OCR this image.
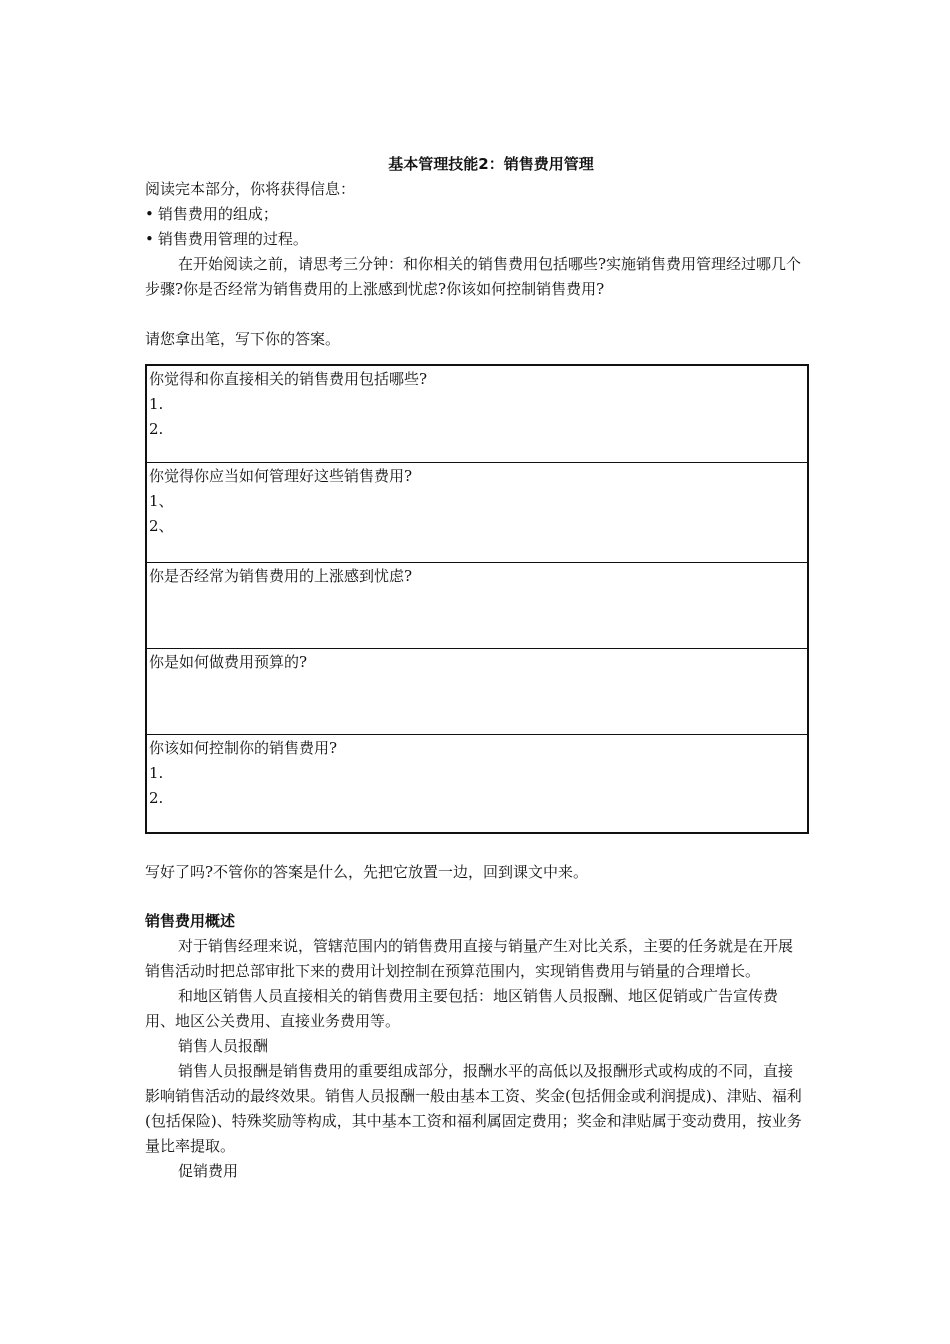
基本管理技能2：销售费用管理

阅读完本部分，你将获得信息：

• 销售费用的组成；

• 销售费用管理的过程。

在开始阅读之前，请思考三分钟：和你相关的销售费用包括哪些?实施销售费用管理经过哪几个步骤?你是否经常为销售费用的上涨感到忧虑?你该如何控制销售费用?

请您拿出笔，写下你的答案。

你觉得和你直接相关的销售费用包括哪些?
1.
2.
你觉得你应当如何管理好这些销售费用?
1、
2、
你是否经常为销售费用的上涨感到忧虑?
你是如何做费用预算的?
你该如何控制你的销售费用?
1.
2.

写好了吗?不管你的答案是什么，先把它放置一边，回到课文中来。

销售费用概述

对于销售经理来说，管辖范围内的销售费用直接与销量产生对比关系，主要的任务就是在开展销售活动时把总部审批下来的费用计划控制在预算范围内，实现销售费用与销量的合理增长。

和地区销售人员直接相关的销售费用主要包括：地区销售人员报酬、地区促销或广告宣传费用、地区公关费用、直接业务费用等。

销售人员报酬

销售人员报酬是销售费用的重要组成部分，报酬水平的高低以及报酬形式或构成的不同，直接影响销售活动的最终效果。销售人员报酬一般由基本工资、奖金(包括佣金或利润提成)、津贴、福利(包括保险)、特殊奖励等构成，其中基本工资和福利属固定费用；奖金和津贴属于变动费用，按业务量比率提取。

促销费用
